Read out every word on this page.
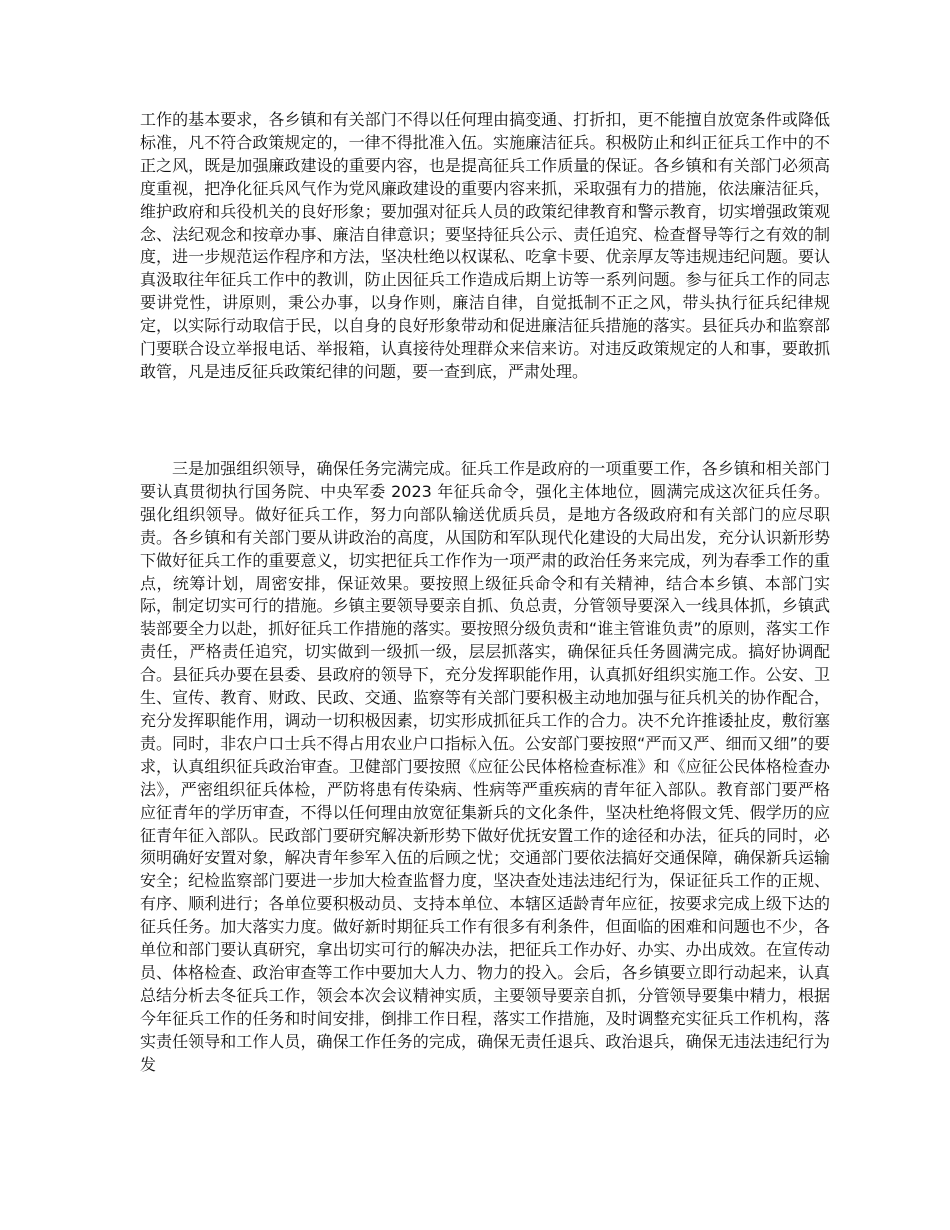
工作的基本要求，各乡镇和有关部门不得以任何理由搞变通、打折扣，更不能擅自放宽条件或降低标准，凡不符合政策规定的，一律不得批准入伍。实施廉洁征兵。积极防止和纠正征兵工作中的不正之风，既是加强廉政建设的重要内容，也是提高征兵工作质量的保证。各乡镇和有关部门必须高度重视，把净化征兵风气作为党风廉政建设的重要内容来抓，采取强有力的措施，依法廉洁征兵，维护政府和兵役机关的良好形象；要加强对征兵人员的政策纪律教育和警示教育，切实增强政策观念、法纪观念和按章办事、廉洁自律意识；要坚持征兵公示、责任追究、检查督导等行之有效的制度，进一步规范运作程序和方法，坚决杜绝以权谋私、吃拿卡要、优亲厚友等违规违纪问题。要认真汲取往年征兵工作中的教训，防止因征兵工作造成后期上访等一系列问题。参与征兵工作的同志要讲党性，讲原则，秉公办事，以身作则，廉洁自律，自觉抵制不正之风，带头执行征兵纪律规定，以实际行动取信于民，以自身的良好形象带动和促进廉洁征兵措施的落实。县征兵办和监察部门要联合设立举报电话、举报箱，认真接待处理群众来信来访。对违反政策规定的人和事，要敢抓敢管，凡是违反征兵政策纪律的问题，要一查到底，严肃处理。

三是加强组织领导，确保任务完满完成。征兵工作是政府的一项重要工作，各乡镇和相关部门要认真贯彻执行国务院、中央军委 2023 年征兵命令，强化主体地位，圆满完成这次征兵任务。强化组织领导。做好征兵工作，努力向部队输送优质兵员，是地方各级政府和有关部门的应尽职责。各乡镇和有关部门要从讲政治的高度，从国防和军队现代化建设的大局出发，充分认识新形势下做好征兵工作的重要意义，切实把征兵工作作为一项严肃的政治任务来完成，列为春季工作的重点，统筹计划，周密安排，保证效果。要按照上级征兵命令和有关精神，结合本乡镇、本部门实际，制定切实可行的措施。乡镇主要领导要亲自抓、负总责，分管领导要深入一线具体抓，乡镇武装部要全力以赴，抓好征兵工作措施的落实。要按照分级负责和“谁主管谁负责”的原则，落实工作责任，严格责任追究，切实做到一级抓一级，层层抓落实，确保征兵任务圆满完成。搞好协调配合。县征兵办要在县委、县政府的领导下，充分发挥职能作用，认真抓好组织实施工作。公安、卫生、宣传、教育、财政、民政、交通、监察等有关部门要积极主动地加强与征兵机关的协作配合，充分发挥职能作用，调动一切积极因素，切实形成抓征兵工作的合力。决不允许推诿扯皮，敷衍塞责。同时，非农户口士兵不得占用农业户口指标入伍。公安部门要按照“严而又严、细而又细”的要求，认真组织征兵政治审查。卫健部门要按照《应征公民体格检查标准》和《应征公民体格检查办法》，严密组织征兵体检，严防将患有传染病、性病等严重疾病的青年征入部队。教育部门要严格应征青年的学历审查，不得以任何理由放宽征集新兵的文化条件，坚决杜绝将假文凭、假学历的应征青年征入部队。民政部门要研究解决新形势下做好优抚安置工作的途径和办法，征兵的同时，必须明确好安置对象，解决青年参军入伍的后顾之忧；交通部门要依法搞好交通保障，确保新兵运输安全；纪检监察部门要进一步加大检查监督力度，坚决查处违法违纪行为，保证征兵工作的正规、有序、顺利进行；各单位要积极动员、支持本单位、本辖区适龄青年应征，按要求完成上级下达的征兵任务。加大落实力度。做好新时期征兵工作有很多有利条件，但面临的困难和问题也不少，各单位和部门要认真研究，拿出切实可行的解决办法，把征兵工作办好、办实、办出成效。在宣传动员、体格检查、政治审查等工作中要加大人力、物力的投入。会后，各乡镇要立即行动起来，认真总结分析去冬征兵工作，领会本次会议精神实质，主要领导要亲自抓，分管领导要集中精力，根据今年征兵工作的任务和时间安排，倒排工作日程，落实工作措施，及时调整充实征兵工作机构，落实责任领导和工作人员，确保工作任务的完成，确保无责任退兵、政治退兵，确保无违法违纪行为发
